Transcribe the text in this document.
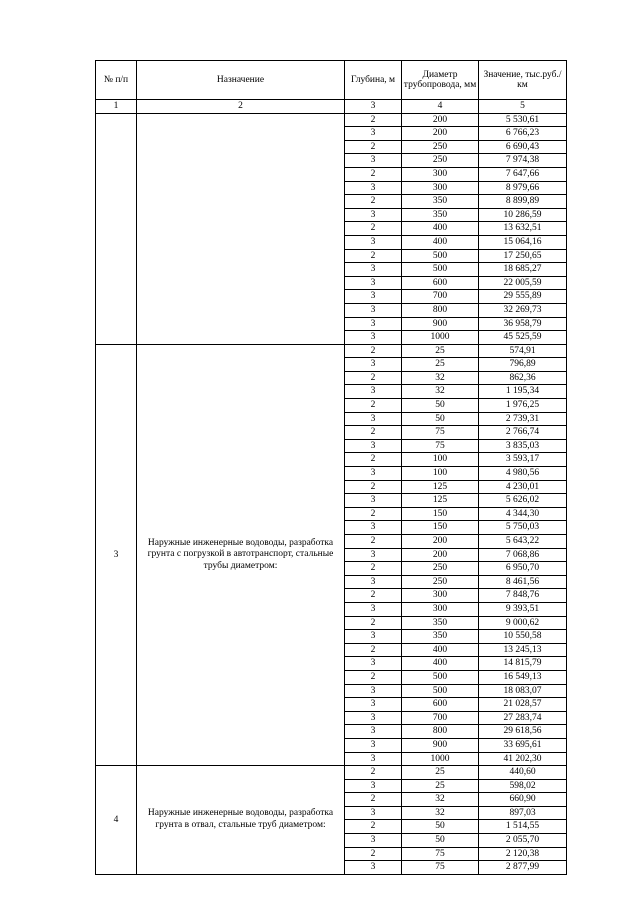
№ п/п	Назначение	Глубина, м	Диаметр трубопровода, мм	Значение, тыс.руб./км
1	2	3	4	5
		2	200	5 530,61
		3	200	6 766,23
		2	250	6 690,43
		3	250	7 974,38
		2	300	7 647,66
		3	300	8 979,66
		2	350	8 899,89
		3	350	10 286,59
		2	400	13 632,51
		3	400	15 064,16
		2	500	17 250,65
		3	500	18 685,27
		3	600	22 005,59
		3	700	29 555,89
		3	800	32 269,73
		3	900	36 958,79
		3	1000	45 525,59
3	Наружные инженерные водоводы, разработка грунта с погрузкой в автотранспорт, стальные трубы диаметром:	2	25	574,91
		3	25	796,89
		2	32	862,36
		3	32	1 195,34
		2	50	1 976,25
		3	50	2 739,31
		2	75	2 766,74
		3	75	3 835,03
		2	100	3 593,17
		3	100	4 980,56
		2	125	4 230,01
		3	125	5 626,02
		2	150	4 344,30
		3	150	5 750,03
		2	200	5 643,22
		3	200	7 068,86
		2	250	6 950,70
		3	250	8 461,56
		2	300	7 848,76
		3	300	9 393,51
		2	350	9 000,62
		3	350	10 550,58
		2	400	13 245,13
		3	400	14 815,79
		2	500	16 549,13
		3	500	18 083,07
		3	600	21 028,57
		3	700	27 283,74
		3	800	29 618,56
		3	900	33 695,61
		3	1000	41 202,30
4	Наружные инженерные водоводы, разработка грунта в отвал, стальные труб диаметром:	2	25	440,60
		3	25	598,02
		2	32	660,90
		3	32	897,03
		2	50	1 514,55
		3	50	2 055,70
		2	75	2 120,38
		3	75	2 877,99
